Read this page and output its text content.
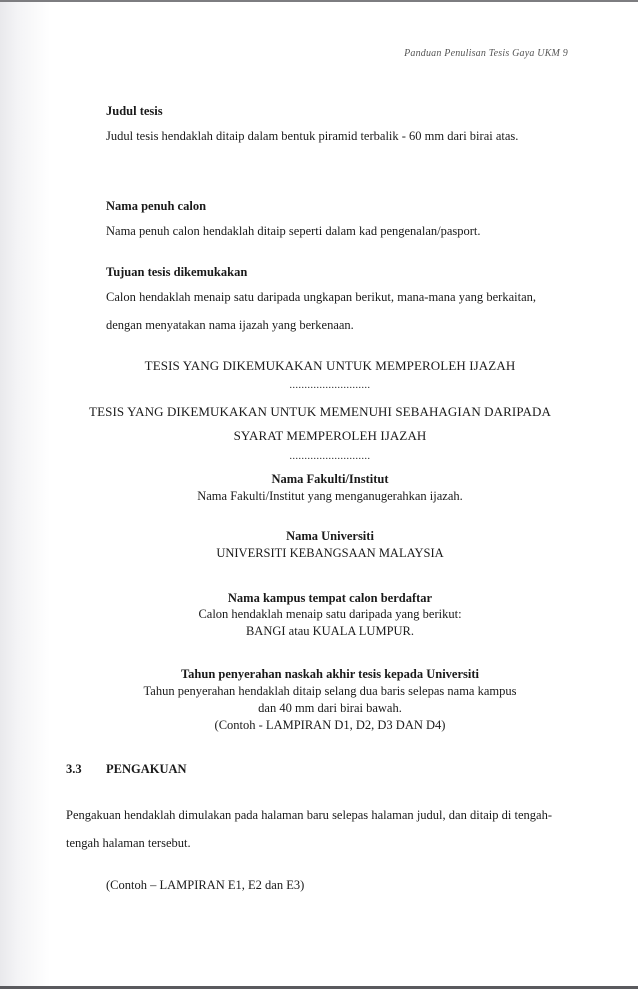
Panduan Penulisan Tesis Gaya UKM 9
Judul tesis
Judul tesis hendaklah ditaip dalam bentuk piramid terbalik - 60 mm dari birai atas.
Nama penuh calon
Nama penuh calon hendaklah ditaip seperti dalam kad pengenalan/pasport.
Tujuan tesis dikemukakan
Calon hendaklah menaip satu daripada ungkapan berikut, mana-mana yang berkaitan, dengan menyatakan nama ijazah yang berkenaan.
TESIS YANG DIKEMUKAKAN UNTUK MEMPEROLEH IJAZAH
...........................
TESIS YANG DIKEMUKAKAN UNTUK MEMENUHI SEBAHAGIAN DARIPADA
SYARAT MEMPEROLEH IJAZAH
...........................
Nama Fakulti/Institut
Nama Fakulti/Institut yang menganugerahkan ijazah.
Nama Universiti
UNIVERSITI KEBANGSAAN MALAYSIA
Nama kampus tempat calon berdaftar
Calon hendaklah menaip satu daripada yang berikut:
BANGI atau KUALA LUMPUR.
Tahun penyerahan naskah akhir tesis kepada Universiti
Tahun penyerahan hendaklah ditaip selang dua baris selepas nama kampus
dan 40 mm dari birai bawah.
(Contoh - LAMPIRAN D1, D2, D3 DAN D4)
3.3 PENGAKUAN
Pengakuan hendaklah dimulakan pada halaman baru selepas halaman judul, dan ditaip di tengah-tengah halaman tersebut.
(Contoh – LAMPIRAN E1, E2 dan E3)
